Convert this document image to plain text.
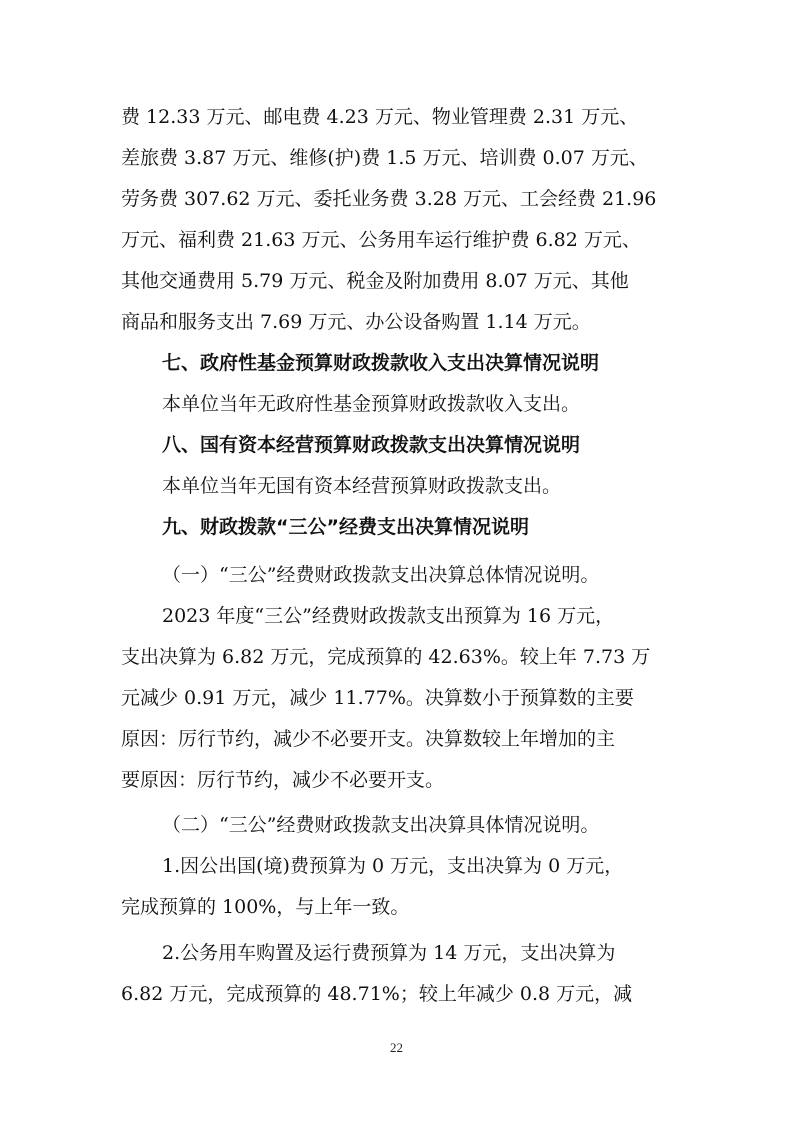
费 12.33 万元、邮电费 4.23 万元、物业管理费 2.31 万元、
差旅费 3.87 万元、维修(护)费 1.5 万元、培训费 0.07 万元、
劳务费 307.62 万元、委托业务费 3.28 万元、工会经费 21.96
万元、福利费 21.63 万元、公务用车运行维护费 6.82 万元、
其他交通费用 5.79 万元、税金及附加费用 8.07 万元、其他
商品和服务支出 7.69 万元、办公设备购置 1.14 万元。
七、政府性基金预算财政拨款收入支出决算情况说明
本单位当年无政府性基金预算财政拨款收入支出。
八、国有资本经营预算财政拨款支出决算情况说明
本单位当年无国有资本经营预算财政拨款支出。
九、财政拨款“三公”经费支出决算情况说明
（一）“三公”经费财政拨款支出决算总体情况说明。
2023 年度“三公”经费财政拨款支出预算为 16 万元，
支出决算为 6.82 万元，完成预算的 42.63%。较上年 7.73 万
元减少 0.91 万元，减少 11.77%。决算数小于预算数的主要
原因：厉行节约，减少不必要开支。决算数较上年增加的主
要原因：厉行节约，减少不必要开支。
（二）“三公”经费财政拨款支出决算具体情况说明。
1.因公出国(境)费预算为 0 万元，支出决算为 0 万元，
完成预算的 100%，与上年一致。
2.公务用车购置及运行费预算为 14 万元，支出决算为
6.82 万元，完成预算的 48.71%；较上年减少 0.8 万元，减
22
